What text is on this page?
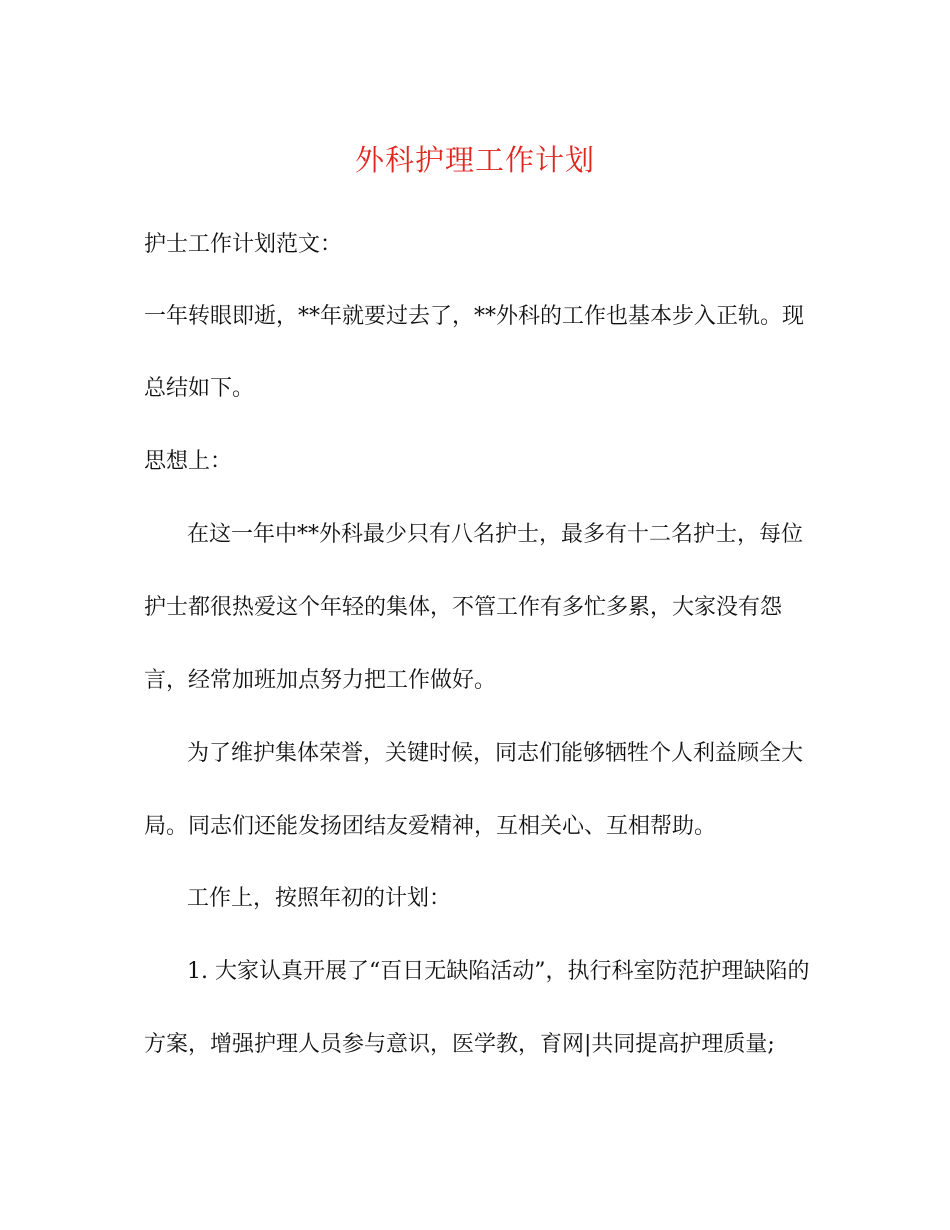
外科护理工作计划
护士工作计划范文：
一年转眼即逝，**年就要过去了，**外科的工作也基本步入正轨。现
总结如下。
思想上：
在这一年中**外科最少只有八名护士，最多有十二名护士，每位
护士都很热爱这个年轻的集体，不管工作有多忙多累，大家没有怨
言，经常加班加点努力把工作做好。
为了维护集体荣誉，关键时候，同志们能够牺牲个人利益顾全大
局。同志们还能发扬团结友爱精神，互相关心、互相帮助。
工作上，按照年初的计划：
1. 大家认真开展了“百日无缺陷活动”，执行科室防范护理缺陷的
方案，增强护理人员参与意识，医学教，育网|共同提高护理质量;
